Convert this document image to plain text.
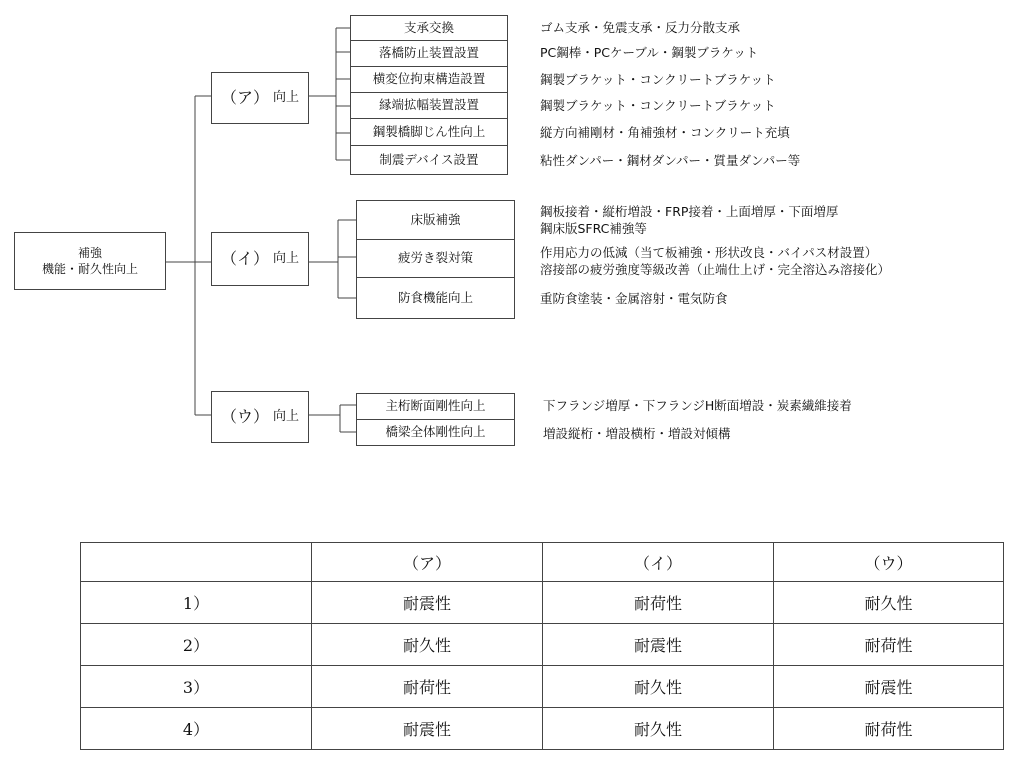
補強
機能・耐久性向上
（ア） 向上
（イ） 向上
（ウ） 向上
支承交換
落橋防止装置設置
横変位拘束構造設置
縁端拡幅装置設置
鋼製橋脚じん性向上
制震デバイス設置
ゴム支承・免震支承・反力分散支承
PC鋼棒・PCケーブル・鋼製ブラケット
鋼製ブラケット・コンクリートブラケット
鋼製ブラケット・コンクリートブラケット
縦方向補剛材・角補強材・コンクリート充填
粘性ダンパー・鋼材ダンパー・質量ダンパー等
床版補強
疲労き裂対策
防食機能向上
鋼板接着・縦桁増設・FRP接着・上面増厚・下面増厚
鋼床版SFRC補強等
作用応力の低減（当て板補強・形状改良・バイパス材設置）
溶接部の疲労強度等級改善（止端仕上げ・完全溶込み溶接化）
重防食塗装・金属溶射・電気防食
主桁断面剛性向上
橋梁全体剛性向上
下フランジ増厚・下フランジH断面増設・炭素繊維接着
増設縦桁・増設横桁・増設対傾構
	（ア）	（イ）	（ウ）
1）	耐震性	耐荷性	耐久性
2）	耐久性	耐震性	耐荷性
3）	耐荷性	耐久性	耐震性
4）	耐震性	耐久性	耐荷性
